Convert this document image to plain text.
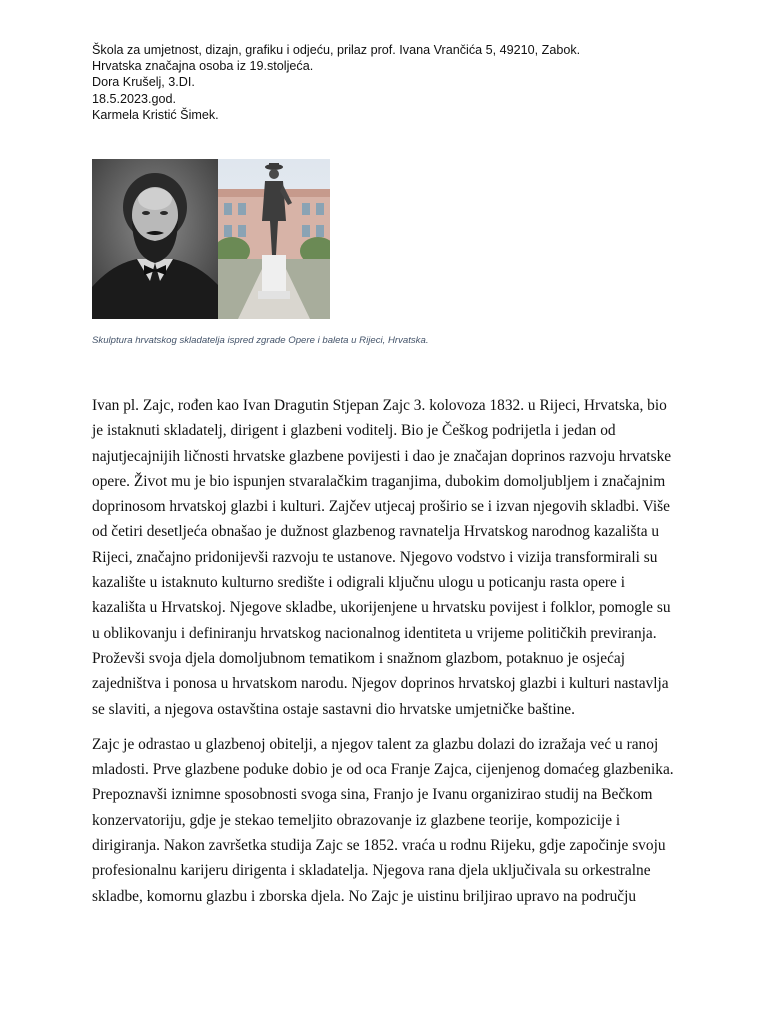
Škola za umjetnost, dizajn, grafiku i odjeću, prilaz prof. Ivana Vrančića 5, 49210, Zabok.
Hrvatska značajna osoba iz 19.stoljeća.
Dora Krušelj, 3.DI.
18.5.2023.god.
Karmela Kristić Šimek.
Skulptura hrvatskog skladatelja ispred zgrade Opere i baleta u Rijeci, Hrvatska.
Ivan pl. Zajc, rođen kao Ivan Dragutin Stjepan Zajc 3. kolovoza 1832. u Rijeci, Hrvatska, bio
je istaknuti skladatelj, dirigent i glazbeni voditelj. Bio je Češkog podrijetla i jedan od
najutjecajnijih ličnosti hrvatske glazbene povijesti i dao je značajan doprinos razvoju hrvatske
opere. Život mu je bio ispunjen stvaralačkim traganjima, dubokim domoljubljem i značajnim
doprinosom hrvatskoj glazbi i kulturi. Zajčev utjecaj proširio se i izvan njegovih skladbi. Više
od četiri desetljeća obnašao je dužnost glazbenog ravnatelja Hrvatskog narodnog kazališta u
Rijeci, značajno pridonijevši razvoju te ustanove. Njegovo vodstvo i vizija transformirali su
kazalište u istaknuto kulturno središte i odigrali ključnu ulogu u poticanju rasta opere i
kazališta u Hrvatskoj. Njegove skladbe, ukorijenjene u hrvatsku povijest i folklor, pomogle su
u oblikovanju i definiranju hrvatskog nacionalnog identiteta u vrijeme političkih previranja.
Proževši svoja djela domoljubnom tematikom i snažnom glazbom, potaknuo je osjećaj
zajedništva i ponosa u hrvatskom narodu. Njegov doprinos hrvatskoj glazbi i kulturi nastavlja
se slaviti, a njegova ostavština ostaje sastavni dio hrvatske umjetničke baštine.
Zajc je odrastao u glazbenoj obitelji, a njegov talent za glazbu dolazi do izražaja već u ranoj
mladosti. Prve glazbene poduke dobio je od oca Franje Zajca, cijenjenog domaćeg glazbenika.
Prepoznavši iznimne sposobnosti svoga sina, Franjo je Ivanu organizirao studij na Bečkom
konzervatoriju, gdje je stekao temeljito obrazovanje iz glazbene teorije, kompozicije i
dirigiranja. Nakon završetka studija Zajc se 1852. vraća u rodnu Rijeku, gdje započinje svoju
profesionalnu karijeru dirigenta i skladatelja. Njegova rana djela uključivala su orkestralne
skladbe, komornu glazbu i zborska djela. No Zajc je uistinu briljirao upravo na području
